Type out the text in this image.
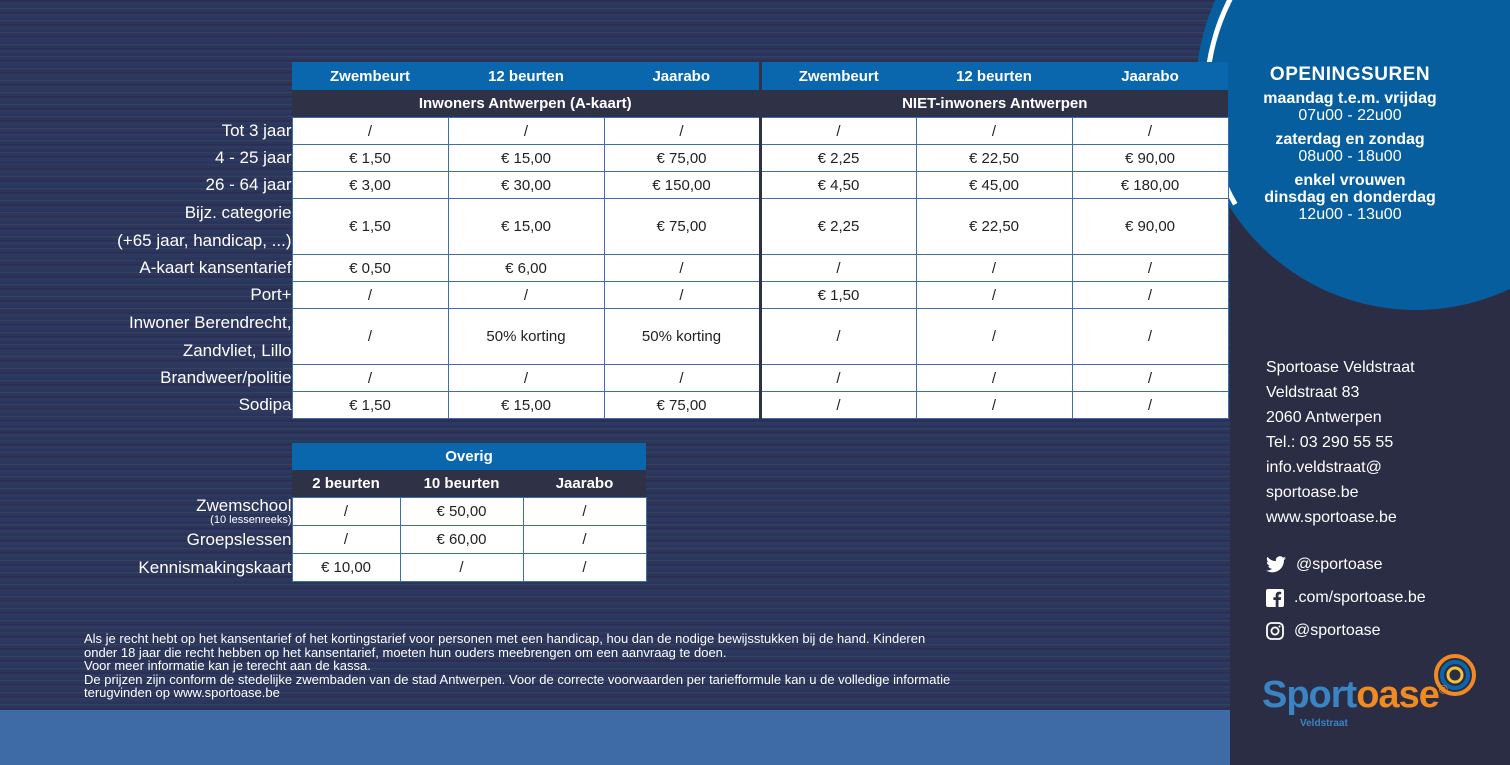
OPENINGSUREN
maandag t.e.m. vrijdag
07u00 - 22u00
zaterdag en zondag
08u00 - 18u00
enkel vrouwen
dinsdag en donderdag
12u00 - 13u00
	Zwembeurt	12 beurten	Jaarabo	Zwembeurt	12 beurten	Jaarabo
	Inwoners Antwerpen (A-kaart)			NIET-inwoners Antwerpen		

Tot 3 jaar	/	/	/	/	/	/

4 - 25 jaar	€ 1,50	€ 15,00	€ 75,00	€ 2,25	€ 22,50	€ 90,00

26 - 64 jaar	€ 3,00	€ 30,00	€ 150,00	€ 4,50	€ 45,00	€ 180,00

Bijz. categorie
(+65 jaar, handicap, ...)	€ 1,50	€ 15,00	€ 75,00	€ 2,25	€ 22,50	€ 90,00

A-kaart kansentarief	€ 0,50	€ 6,00	/	/	/	/

Port+	/	/	/	€ 1,50	/	/

Inwoner Berendrecht,
Zandvliet, Lillo	/	50% korting	50% korting	/	/	/

Brandweer/politie	/	/	/	/	/	/

Sodipa	€ 1,50	€ 15,00	€ 75,00	/	/	/
	Overig		
	2 beurten	10 beurten	Jaarabo

Zwemschool
(10 lessenreeks)	/	€ 50,00	/

Groepslessen	/	€ 60,00	/

Kennismakingskaart	€ 10,00	/	/
Als je recht hebt op het kansentarief of het kortingstarief voor personen met een handicap, hou dan de nodige bewijsstukken bij de hand. Kinderen
onder 18 jaar die recht hebben op het kansentarief, moeten hun ouders meebrengen om een aanvraag te doen.
Voor meer informatie kan je terecht aan de kassa.
De prijzen zijn conform de stedelijke zwembaden van de stad Antwerpen. Voor de correcte voorwaarden per tariefformule kan u de volledige informatie
terugvinden op www.sportoase.be
Sportoase Veldstraat
Veldstraat 83
2060 Antwerpen
Tel.: 03 290 55 55
info.veldstraat@
sportoase.be
www.sportoase.be
@sportoase
.com/sportoase.be
@sportoase
Sportoase®
Veldstraat
